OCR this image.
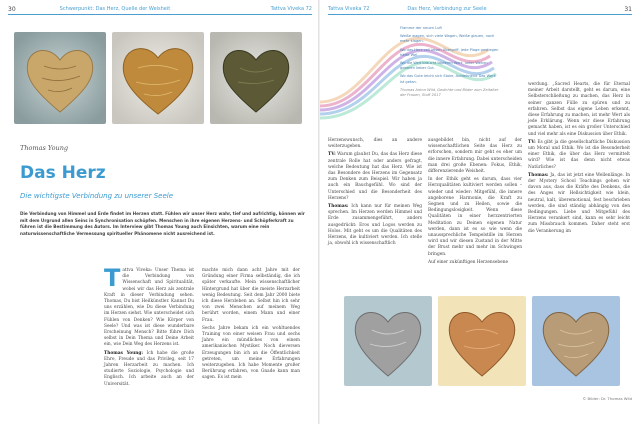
30	Schwerpunkt: Das Herz, Quelle der Weisheit	Tattva Viveka 72
Thomas Young
Das Herz
Die wichtigste Verbindung zu unserer Seele
Die Verbindung von Himmel und Erde findet im Herzen statt. Fühlen wir unser Herz wahr, tief und aufrichtig, können wir mit dem Urgrund allen Seins in Synchronisation schöpfen. Menschen in ihre eigenen Herzens- und Schöpferkraft zu führen ist die Bestimmung des Autors. Im Interview gibt Thomas Young auch Einsichten, warum eine rein naturwissenschaftliche Vermessung spiritueller Phänomene nicht ausreichend ist.

Tattva Viveka: Unser Thema ist die Verbindung von Wissenschaft und Spiritualität, wobei wir das Herz als zentrale Kraft in dieser Verbindung sehen. Thomas, Du bist Heilkünstler. Kannst Du uns erzählen, wie Du diese Verbindung im Herzen siehst. Wie unterscheidet sich Fühlen von Denken? Wie Körper von Seele? Und was ist diese wunderbare Erscheinung Mensch? Bitte führe Dich selbst in Dein Thema und Deine Arbeit ein, wie Dein Weg des Herzens ist.

Thomas Young: Ich habe die große Ehre, Freude und das Privileg, seit 17 Jahren Herzarbeit zu machen. Ich studierte Soziologie, Psychologie und Englisch. Ich arbeite auch an der Universität.

machte mich dann acht Jahre mit der Gründung einer Firma selbständig, die ich später verkaufte. Mein wissenschaftlicher Hintergrund hat über die meiste Herzarbeit wenig Bedeutung. Seit dem Jahr 2000 biete ich diese Herzleben an. Selbst hin ich sehr von zwei Menschen auf meinem Weg berührt worden, einem Mann und einer Frau.

Sechs Jahre bekam ich ein wohltuendes Training von einer weisen Frau und sechs Jahre ein mündliches von einem amerikanischen Mystiker. Noch dieversen Erzeugungen bin ich an die Öffentlichkeit getreten, um meine Erfahrungen weiterzugeben. Ich habe Momente großer Berührung erfahren, von Gnade kann man sagen. Es ist mein

Tattva Viveka 72	Das Herz, Verbindung zur Seele	31

Flamme der neuen Luft

Weiße wagen, sich viele Wagen, Weiße glauen, noch mehr klagen.

Wo das Herz voll leisen Übergriff, jede Plage gestiegen hätte Wel.

Wo die Welt braucht tapferen Wert, unter Wehen gebaren lieber Gut.

Wo das Gute leicht sich Stoke, Aufdehnend Das Werk ist getan.

Thomas Anton Wild, Gedichte und Bilder zum Zeitalter der Frauen, Stuff 2017

Herzenswunsch, dies an andere weiterzugeben.

TV: Warum glaubst Du, das das Herz diese zentrale Rolle hat oder anders gefragt, welche Bedeutung hat das Herz. Wie ist das Besondere des Herzens im Gegensatz zum Denken zum Beispiel. Wir haben ja auch ein Bauchgefühl. Wo sind der Unterschied und die Besonderheit des Herzens?

Thomas: Ich kann nur für meinen Weg sprechen. Im Herzen werden Himmel und Erde zusammengeführt, anders ausgedrückt: Eros und Logos werden zu Holos. Mit geht es um die Qualitäten des Herzens, die kultiviert werden. Ich stelle ja, obwohl ich wissenschaftlich

ausgebildet bin, nicht auf der wissenschaftlichen Seite das Herz zu erforschen, sondern mir geht es eher um die innere Erfahrung. Dabei unterscheiden man drei große Ebenen: Fokus, Ethik, differenzierende Weisheit.

In der Ethik geht es darum, dass vier Herzqualitäten kultiviert werden sollen – wieder und wieder: Mitgefühl, die innere angeborene Harmonie, die Kraft zu Segnen und zu Heilen, sowie die Bedingungslosigkeit. Wenn diese Qualitäten in einer herzzentrierten Meditation zu Deinen eigenen Natur werden, dann ist es so wie wenn die unaussprechliche Tempelstille im Herzen wird und wir diesen Zustand in der Mitte der Brust mehr und mehr im Schwingen bringen.

Auf einer zukünftigen Herzensebene

werdung. „Sacred Hearts, die für Eternal meiner Arbeit darstellt, geht es darum, eine Selbsterschließung zu machen, das Herz in seiner ganzen Fülle zu spüren und zu erfahren. Selbst das eigene Leben erkennt, diese Erfahrung zu machen, ist mehr Wert als jede Erklärung. Wenn wir diese Erfahrung gemacht haben, ist es ein großer Unterschied und viel mehr als eine Diskussion über Ethik.

TV: Es gibt ja die gesellschaftliche Diskussion um Moral und Ethik. Wo ist die Besonderheit einer Ethik, die über das Herz vermittelt wird? Wie ist das denn nicht etwas Natürliches?

Thomas: Ja, das ist jetzt eine Wellenlänge. In der Mystery School Teachings gehen wir davon aus, dass die Kräfte des Denkens, die des Anges wir Hellsichtigkeit wie klein, neutral, kalt, überemotional, fest beschrieben werden, die sind ständig abhängig von den Bedingungen. Liebe und Mitgefühl des Herzens verankert sind, kann es sehr leicht zum Missbrauch kommen. Daher steht erst die Verankerung im

© Bilder: Dr. Thomas Wild
